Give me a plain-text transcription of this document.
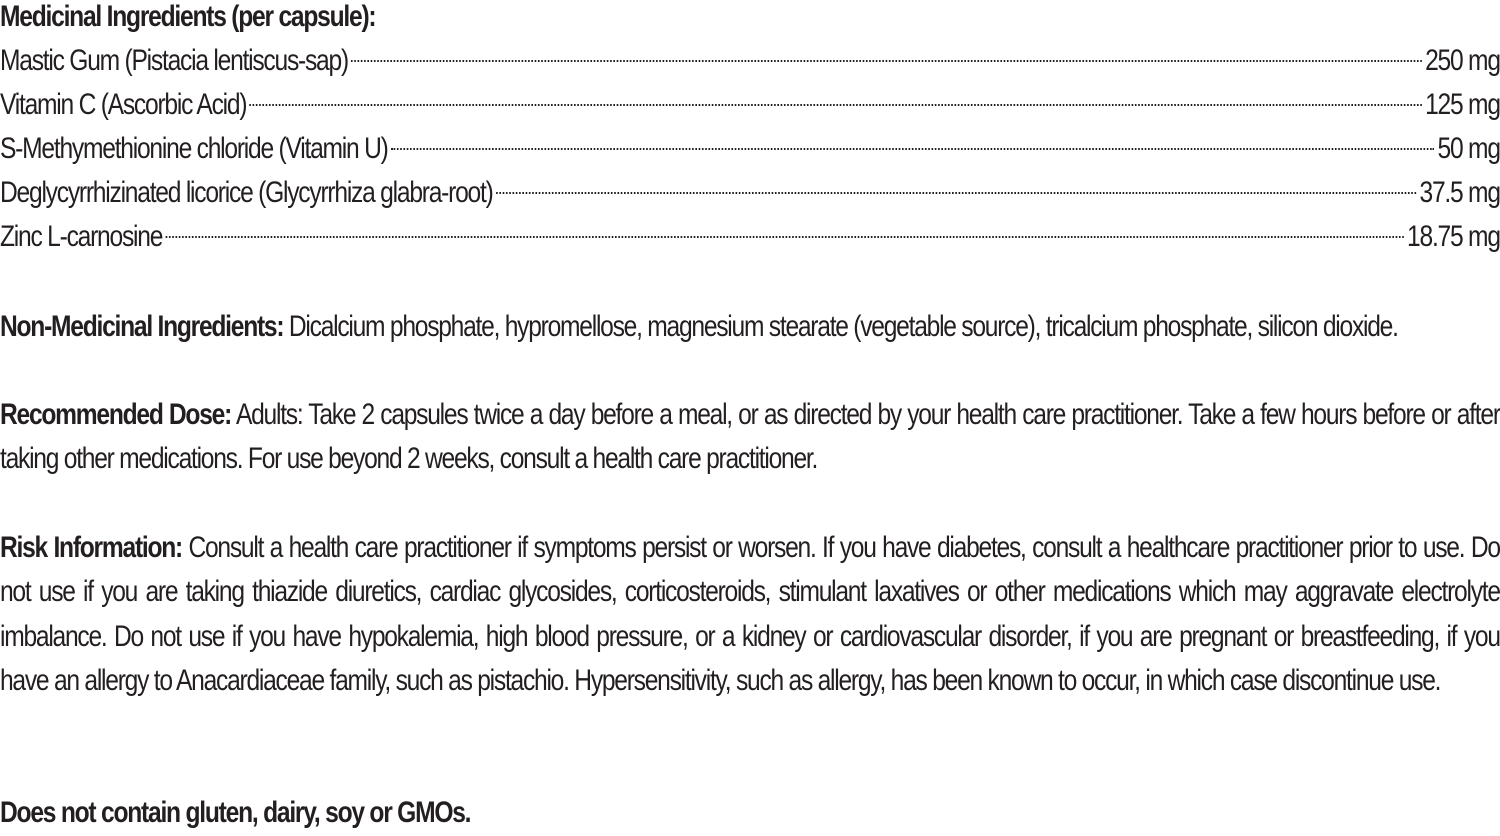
Medicinal Ingredients (per capsule):
Mastic Gum (Pistacia lentiscus-sap)	250 mg
Vitamin C (Ascorbic Acid)	125 mg
S-Methymethionine chloride (Vitamin U)	50 mg
Deglycyrrhizinated licorice (Glycyrrhiza glabra-root)	37.5 mg
Zinc L-carnosine	18.75 mg
Non-Medicinal Ingredients: Dicalcium phosphate, hypromellose, magnesium stearate (vegetable source), tricalcium phosphate, silicon dioxide.
Recommended Dose: Adults: Take 2 capsules twice a day before a meal, or as directed by your health care practitioner. Take a few hours before or after taking other medications. For use beyond 2 weeks, consult a health care practitioner.
Risk Information: Consult a health care practitioner if symptoms persist or worsen. If you have diabetes, consult a healthcare practitioner prior to use. Do not use if you are taking thiazide diuretics, cardiac glycosides, corticosteroids, stimulant laxatives or other medications which may aggravate electrolyte imbalance. Do not use if you have hypokalemia, high blood pressure, or a kidney or cardiovascular disorder, if you are pregnant or breastfeeding, if you have an allergy to Anacardiaceae family, such as pistachio. Hypersensitivity, such as allergy, has been known to occur, in which case discontinue use.
Does not contain gluten, dairy, soy or GMOs.
